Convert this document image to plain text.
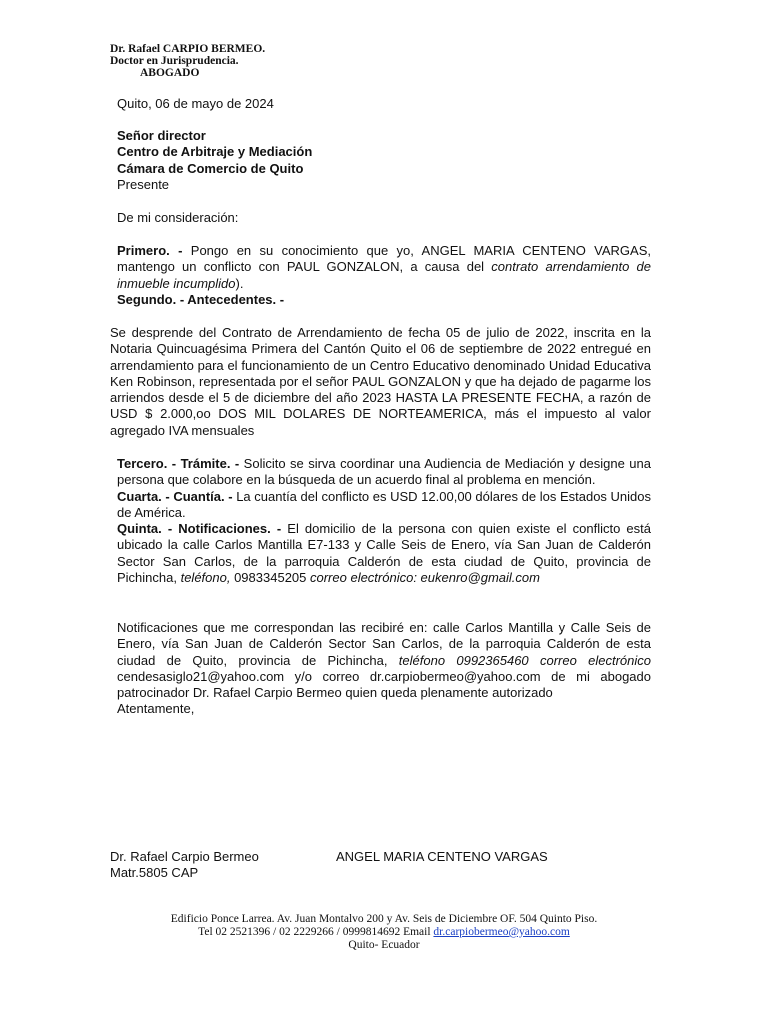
Dr. Rafael CARPIO BERMEO.
Doctor en Jurisprudencia.
ABOGADO
Quito, 06 de mayo de 2024
Señor director
Centro de Arbitraje y Mediación
Cámara de Comercio de Quito
Presente
De mi consideración:
Primero. - Pongo en su conocimiento que yo, ANGEL MARIA CENTENO VARGAS, mantengo un conflicto con PAUL GONZALON, a causa del contrato arrendamiento de inmueble incumplido).
Segundo. - Antecedentes. -
Se desprende del Contrato de Arrendamiento de fecha 05 de julio de 2022, inscrita en la Notaria Quincuagésima Primera del Cantón Quito el 06 de septiembre de 2022 entregué en arrendamiento para el funcionamiento de un Centro Educativo denominado Unidad Educativa Ken Robinson, representada por el señor PAUL GONZALON y que ha dejado de pagarme los arriendos desde el 5 de diciembre del año 2023 HASTA LA PRESENTE FECHA, a razón de USD $ 2.000,oo DOS MIL DOLARES DE NORTEAMERICA, más el impuesto al valor agregado IVA mensuales
Tercero. - Trámite. - Solicito se sirva coordinar una Audiencia de Mediación y designe una persona que colabore en la búsqueda de un acuerdo final al problema en mención.
Cuarta. - Cuantía. - La cuantía del conflicto es USD 12.00,00 dólares de los Estados Unidos de América.
Quinta. - Notificaciones. - El domicilio de la persona con quien existe el conflicto está ubicado la calle Carlos Mantilla E7-133 y Calle Seis de Enero, vía San Juan de Calderón Sector San Carlos, de la parroquia Calderón de esta ciudad de Quito, provincia de Pichincha, teléfono, 0983345205 correo electrónico: eukenro@gmail.com
Notificaciones que me correspondan las recibiré en: calle Carlos Mantilla y Calle Seis de Enero, vía San Juan de Calderón Sector San Carlos, de la parroquia Calderón de esta ciudad de Quito, provincia de Pichincha, teléfono 0992365460 correo electrónico cendesasiglo21@yahoo.com y/o correo dr.carpiobermeo@yahoo.com de mi abogado patrocinador Dr. Rafael Carpio Bermeo quien queda plenamente autorizado
Atentamente,
Dr. Rafael Carpio Bermeo
Matr.5805 CAP
ANGEL MARIA CENTENO VARGAS
Edificio Ponce Larrea. Av. Juan Montalvo 200 y Av. Seis de Diciembre OF. 504 Quinto Piso.
Tel 02 2521396 / 02 2229266 / 0999814692 Email dr.carpiobermeo@yahoo.com
Quito- Ecuador
